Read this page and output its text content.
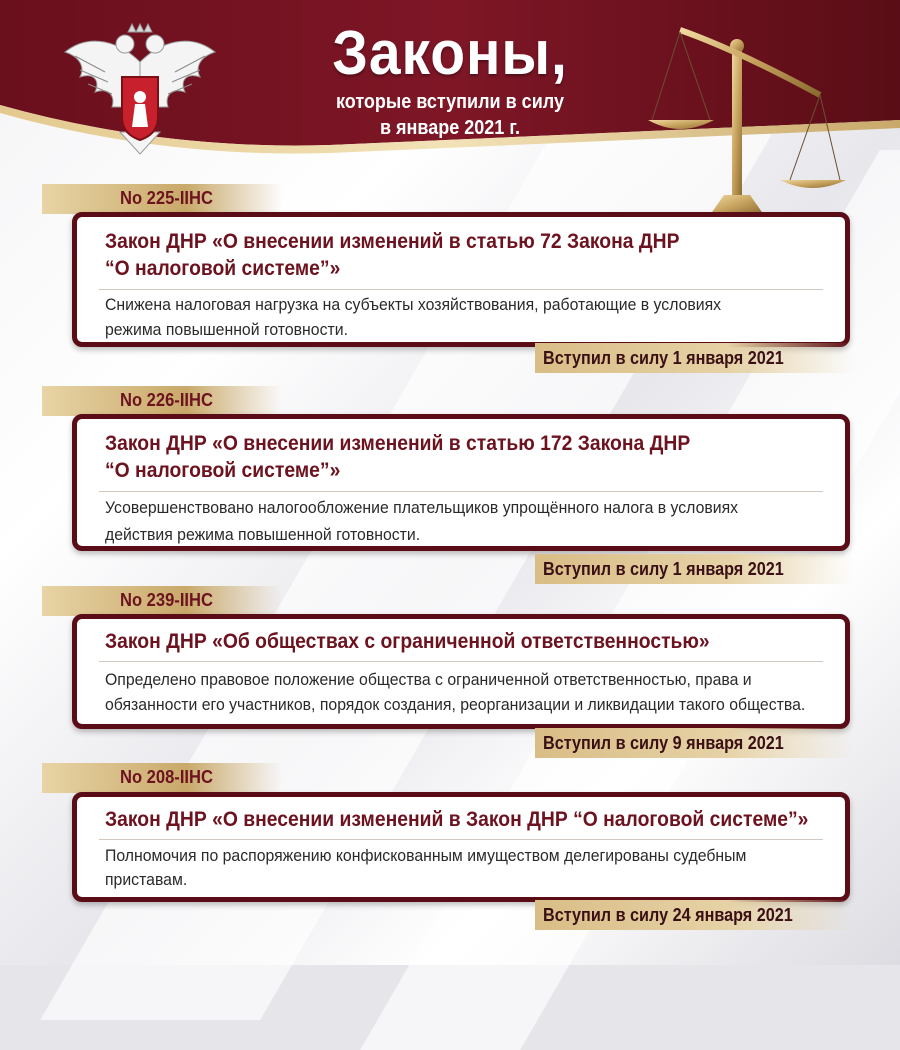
Законы,
которые вступили в силу
в январе 2021 г.
No 225-IIHC
Закон ДНР «О внесении изменений в статью 72 Закона ДНР
“О налоговой системе”»
Снижена налоговая нагрузка на субъекты хозяйствования, работающие в условиях
режима повышенной готовности.
Вступил в силу 1 января 2021
No 226-IIHC
Закон ДНР «О внесении изменений в статью 172 Закона ДНР
“О налоговой системе”»
Усовершенствовано налогообложение плательщиков упрощённого налога в условиях
действия режима повышенной готовности.
Вступил в силу 1 января 2021
No 239-IIHC
Закон ДНР «Об обществах с ограниченной ответственностью»
Определено правовое положение общества с ограниченной ответственностью, права и
обязанности его участников, порядок создания, реорганизации и ликвидации такого общества.
Вступил в силу 9 января 2021
No 208-IIHC
Закон ДНР «О внесении изменений в Закон ДНР “О налоговой системе”»
Полномочия по распоряжению конфискованным имуществом делегированы судебным
приставам.
Вступил в силу 24 января 2021
